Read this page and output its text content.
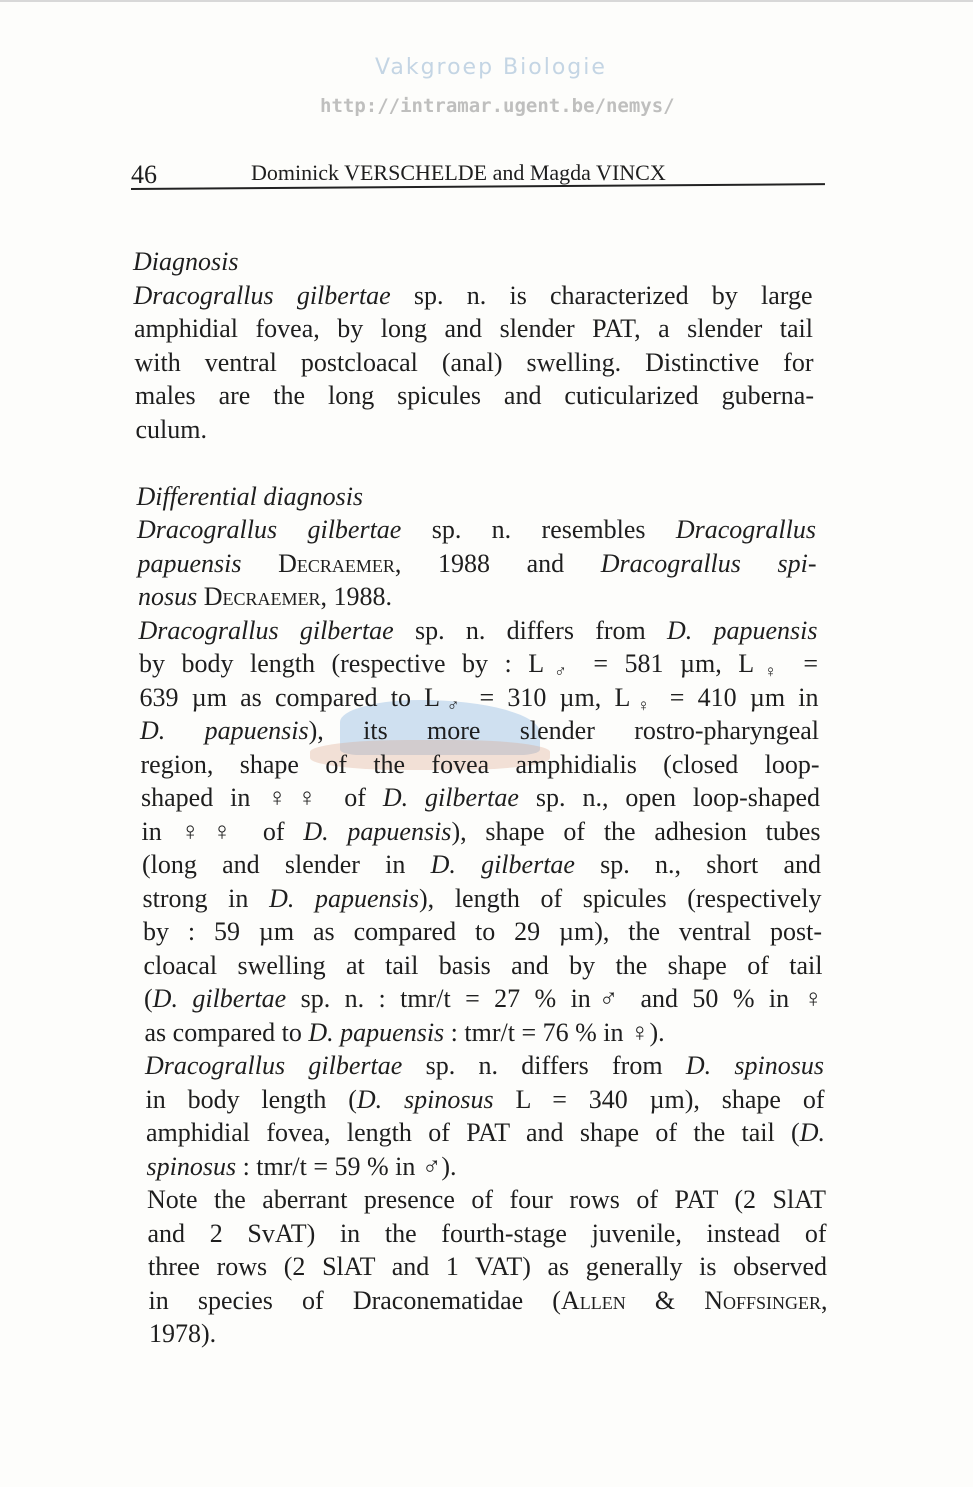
Vakgroep Biologie
http://intramar.ugent.be/nemys/
46	Dominick VERSCHELDE and Magda VINCX
Diagnosis
Dracograllus gilbertae sp. n. is characterized by large
amphidial fovea, by long and slender PAT, a slender tail
with ventral postcloacal (anal) swelling. Distinctive for
males are the long spicules and cuticularized guberna-
culum.
Differential diagnosis
Dracograllus gilbertae sp. n. resembles Dracograllus
papuensis Decraemer, 1988 and Dracograllus spi-
nosus Decraemer, 1988.
Dracograllus gilbertae sp. n. differs from D. papuensis
by body length (respective by : $L_♂ = 581$ µm, $L_♀$ =
639 µm as compared to $L_♂ = 310$ µm, $L_♀ = 410$ µm in
D. papuensis), its more slender rostro-pharyngeal
region, shape of the fovea amphidialis (closed loop-
shaped in ♀♀ of D. gilbertae sp. n., open loop-shaped
in ♀♀ of D. papuensis), shape of the adhesion tubes
(long and slender in D. gilbertae sp. n., short and
strong in D. papuensis), length of spicules (respectively
by : 59 µm as compared to 29 µm), the ventral post-
cloacal swelling at tail basis and by the shape of tail
(D. gilbertae sp. n. : tmr/t = 27 % in♂ and 50 % in ♀
as compared to D. papuensis : tmr/t = 76 % in ♀).
Dracograllus gilbertae sp. n. differs from D. spinosus
in body length (D. spinosus L = 340 µm), shape of
amphidial fovea, length of PAT and shape of the tail (D.
spinosus : tmr/t = 59 % in ♂).
Note the aberrant presence of four rows of PAT (2 SlAT
and 2 SvAT) in the fourth-stage juvenile, instead of
three rows (2 SlAT and 1 VAT) as generally is observed
in species of Draconematidae (Allen & Noffsinger,
1978).
